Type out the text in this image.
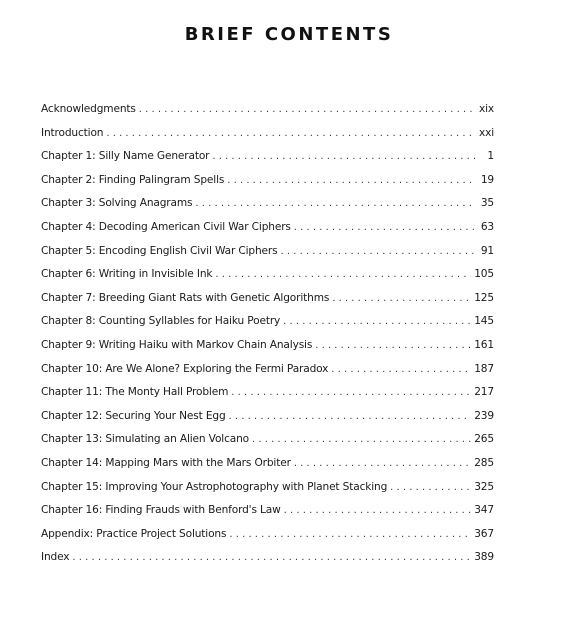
BRIEF CONTENTS
Acknowledgments . . .	xix
Introduction . . .	xxi
Chapter 1: Silly Name Generator . . .	1
Chapter 2: Finding Palingram Spells . . .	19
Chapter 3: Solving Anagrams . . .	35
Chapter 4: Decoding American Civil War Ciphers . . .	63
Chapter 5: Encoding English Civil War Ciphers . . .	91
Chapter 6: Writing in Invisible Ink . . .	105
Chapter 7: Breeding Giant Rats with Genetic Algorithms . . .	125
Chapter 8: Counting Syllables for Haiku Poetry . . .	145
Chapter 9: Writing Haiku with Markov Chain Analysis . . .	161
Chapter 10: Are We Alone? Exploring the Fermi Paradox . . .	187
Chapter 11: The Monty Hall Problem . . .	217
Chapter 12: Securing Your Nest Egg . . .	239
Chapter 13: Simulating an Alien Volcano . . .	265
Chapter 14: Mapping Mars with the Mars Orbiter . . .	285
Chapter 15: Improving Your Astrophotography with Planet Stacking . . .	325
Chapter 16: Finding Frauds with Benford's Law . . .	347
Appendix: Practice Project Solutions . . .	367
Index . . .	389
